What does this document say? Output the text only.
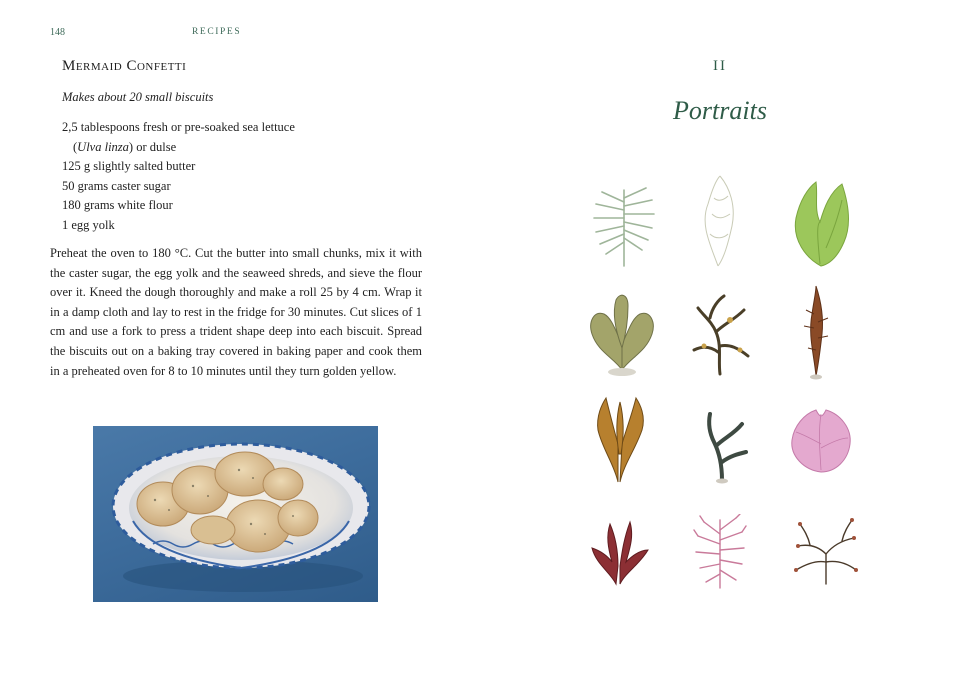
148	RECIPES
Mermaid Confetti
Makes about 20 small biscuits
2,5 tablespoons fresh or pre-soaked sea lettuce
(Ulva linza) or dulse
125 g slightly salted butter
50 grams caster sugar
180 grams white flour
1 egg yolk

Preheat the oven to 180 °C. Cut the butter into small chunks, mix it with the caster sugar, the egg yolk and the seaweed shreds, and sieve the flour over it. Kneed the dough thoroughly and make a roll 25 by 4 cm. Wrap it in a damp cloth and lay to rest in the fridge for 30 minutes. Cut slices of 1 cm and use a fork to press a trident shape deep into each biscuit. Spread the biscuits out on a baking tray covered in baking paper and cook them in a preheated oven for 8 to 10 minutes until they turn golden yellow.

II
Portraits
